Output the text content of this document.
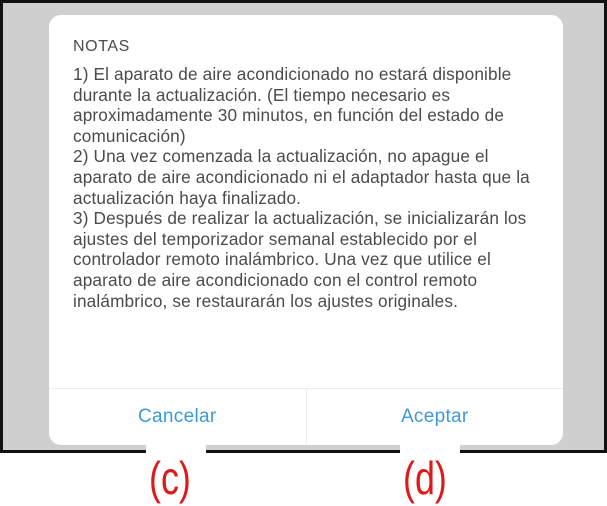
NOTAS

1) El aparato de aire acondicionado no estará disponible durante la actualización. (El tiempo necesario es aproximadamente 30 minutos, en función del estado de comunicación)

2) Una vez comenzada la actualización, no apague el aparato de aire acondicionado ni el adaptador hasta que la actualización haya finalizado.

3) Después de realizar la actualización, se inicializarán los ajustes del temporizador semanal establecido por el controlador remoto inalámbrico. Una vez que utilice el aparato de aire acondicionado con el control remoto inalámbrico, se restaurarán los ajustes originales.

Cancelar	Aceptar
(c)	(d)
